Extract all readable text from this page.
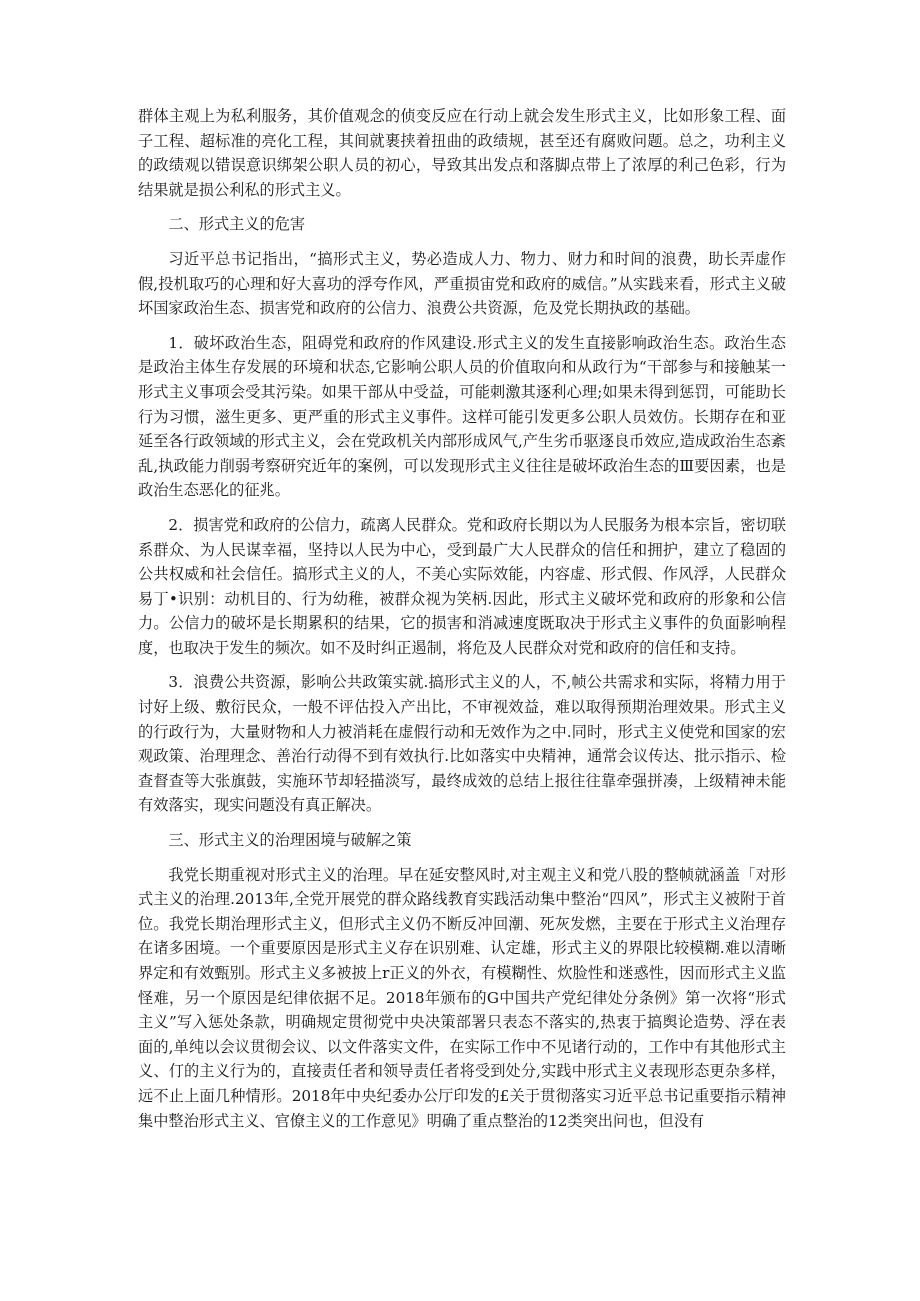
群体主观上为私利服务，其价值观念的侦变反应在行动上就会发生形式主义，比如形象工程、面子工程、超标准的亮化工程，其间就裹挟着扭曲的政绩规，甚至还有腐败问题。总之，功利主义的政绩观以错误意识绑架公职人员的初心，导致其出发点和落脚点带上了浓厚的利己色彩，行为结果就是损公利私的形式主义。

二、形式主义的危害

习近平总书记指出，“搞形式主义，势必造成人力、物力、财力和时间的浪费，助长弄虚作假,投机取巧的心理和好大喜功的浮夸作风，严重损宙党和政府的威信。”从实践来看，形式主义破坏国家政治生态、损害党和政府的公信力、浪费公共资源，危及党长期执政的基础。

1．破坏政治生态，阻碍党和政府的作风建设.形式主义的发生直接影响政治生态。政治生态是政治主体生存发展的环境和状态,它影响公职人员的价值取向和从政行为“干部参与和接触某一形式主义事项会受其污染。如果干部从中受益，可能刺激其逐利心理;如果未得到惩罚，可能助长行为习惯，滋生更多、更严重的形式主义事件。这样可能引发更多公职人员效仿。长期存在和亚延至各行政领域的形式主义，会在党政机关内部形成风气,产生劣币驱逐良币效应,造成政治生态紊乱,执政能力削弱考察研究近年的案例，可以发现形式主义往往是破坏政治生态的Ⅲ要因素，也是政治生态恶化的征兆。

2．损害党和政府的公信力，疏离人民群众。党和政府长期以为人民服务为根本宗旨，密切联系群众、为人民谋幸福，坚持以人民为中心，受到最广大人民群众的信任和拥护，建立了稳固的公共权威和社会信任。搞形式主义的人，不美心实际效能，内容虚、形式假、作风浮，人民群众易丁•识别：动机目的、行为幼稚，被群众视为笑柄.因此，形式主义破坏党和政府的形象和公信力。公信力的破坏是长期累积的结果，它的损害和消减速度既取决于形式主义事件的负面影响程度，也取决于发生的频次。如不及时纠正遏制，将危及人民群众对党和政府的信任和支持。

3．浪费公共资源，影响公共政策实就.搞形式主义的人，不,帧公共需求和实际，将精力用于讨好上级、敷衍民众，一般不评估投入产出比，不审视效益，难以取得预期治理效果。形式主义的行政行为，大量财物和人力被消耗在虚假行动和无效作为之中.同时，形式主义使党和国家的宏观政策、治理理念、善治行动得不到有效执行.比如落实中央精神，通常会议传达、批示指示、检查督查等大张旗鼓，实施环节却轻描淡写，最终成效的总结上报往往靠牵强拼凑，上级精神未能有效落实，现实问题没有真正解决。

三、形式主义的治理困境与破解之策

我党长期重视对形式主义的治理。早在延安整风时,对主观主义和党八股的整帧就涵盖「对形式主义的治理.2013年,全党开展党的群众路线教育实践活动集中整治“四风”，形式主义被附于首位。我党长期治理形式主义，但形式主义仍不断反冲回潮、死灰发燃，主要在于形式主义治理存在诸多困境。一个重要原因是形式主义存在识别难、认定雄，形式主义的界限比较模糊.难以清晰界定和有效甄别。形式主义多被披上r正义的外衣，有模糊性、炊脸性和迷惑性，因而形式主义监怪难，另一个原因是纪律依据不足。2018年颁布的G中国共产党纪律处分条例》第一次将“形式主义”写入惩处条款，明确规定贯彻党中央决策部署只表态不落实的,热衷于搞舆论造势、浮在表面的,单纯以会议贯彻会议、以文件落实文件，在实际工作中不见诸行动的，工作中有其他形式主义、仃的主义行为的，直接责任者和领导责任者将受到处分,实践中形式主义表现形态更杂多样，远不止上面几种情形。2018年中央纪委办公厅印发的£关于贯彻落实习近平总书记重要指示精神集中整治形式主义、官僚主义的工作意见》明确了重点整治的12类突出问也，但没有
